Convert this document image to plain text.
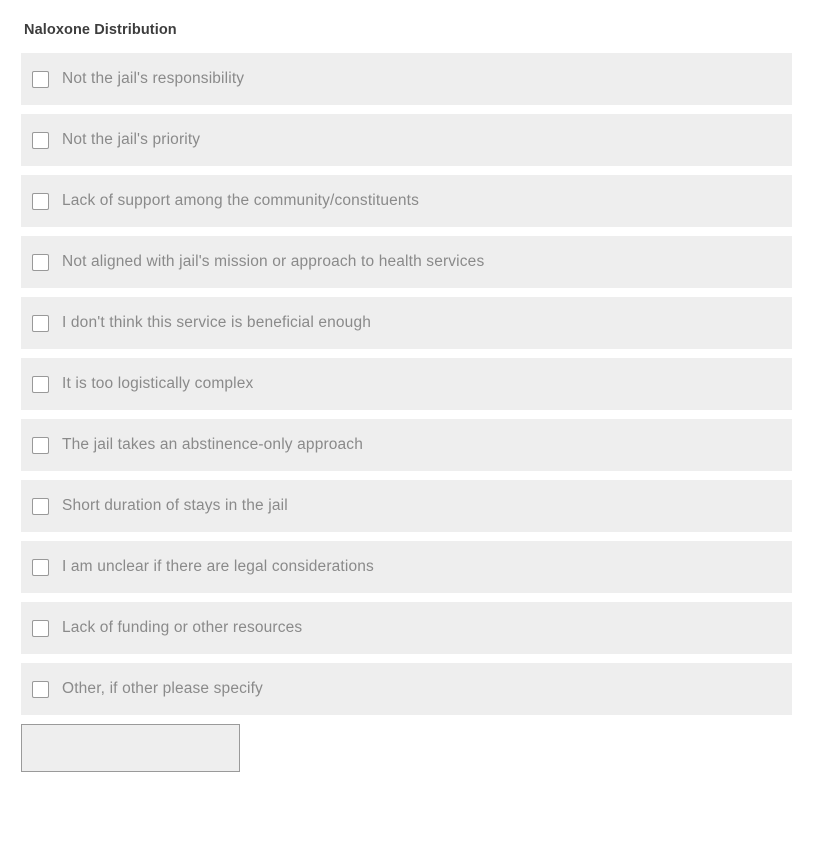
Naloxone Distribution
Not the jail's responsibility
Not the jail's priority
Lack of support among the community/constituents
Not aligned with jail's mission or approach to health services
I don't think this service is beneficial enough
It is too logistically complex
The jail takes an abstinence-only approach
Short duration of stays in the jail
I am unclear if there are legal considerations
Lack of funding or other resources
Other, if other please specify
